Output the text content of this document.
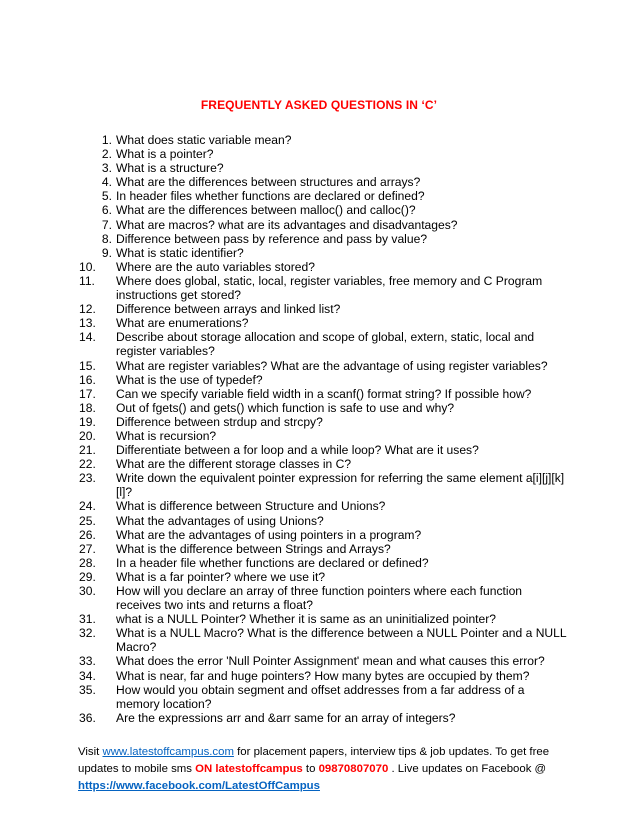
FREQUENTLY ASKED QUESTIONS IN ‘C’
1. What does static variable mean?
2. What is a pointer?
3. What is a structure?
4. What are the differences between structures and arrays?
5. In header files whether functions are declared or defined?
6. What are the differences between malloc() and calloc()?
7. What are macros? what are its advantages and disadvantages?
8. Difference between pass by reference and pass by value?
9. What is static identifier?
10.	Where are the auto variables stored?
11.	Where does global, static, local, register variables, free memory and C Program instructions get stored?
12.	Difference between arrays and linked list?
13.	What are enumerations?
14.	Describe about storage allocation and scope of global, extern, static, local and register variables?
15.	What are register variables? What are the advantage of using register variables?
16.	What is the use of typedef?
17.	Can we specify variable field width in a scanf() format string? If possible how?
18.	Out of fgets() and gets() which function is safe to use and why?
19.	Difference between strdup and strcpy?
20.	What is recursion?
21.	Differentiate between a for loop and a while loop? What are it uses?
22.	What are the different storage classes in C?
23.	Write down the equivalent pointer expression for referring the same element a[i][j][k][l]?
24.	What is difference between Structure and Unions?
25.	What the advantages of using Unions?
26.	What are the advantages of using pointers in a program?
27.	What is the difference between Strings and Arrays?
28.	In a header file whether functions are declared or defined?
29.	What is a far pointer? where we use it?
30.	How will you declare an array of three function pointers where each function receives two ints and returns a float?
31.	what is a NULL Pointer? Whether it is same as an uninitialized pointer?
32.	What is a NULL Macro? What is the difference between a NULL Pointer and a NULL Macro?
33.	What does the error 'Null Pointer Assignment' mean and what causes this error?
34.	What is near, far and huge pointers? How many bytes are occupied by them?
35.	How would you obtain segment and offset addresses from a far address of a memory location?
36.	Are the expressions arr and &arr same for an array of integers?
Visit www.latestoffcampus.com for placement papers, interview tips & job updates. To get free updates to mobile sms ON latestoffcampus to 09870807070 . Live updates on Facebook @
https://www.facebook.com/LatestOffCampus
